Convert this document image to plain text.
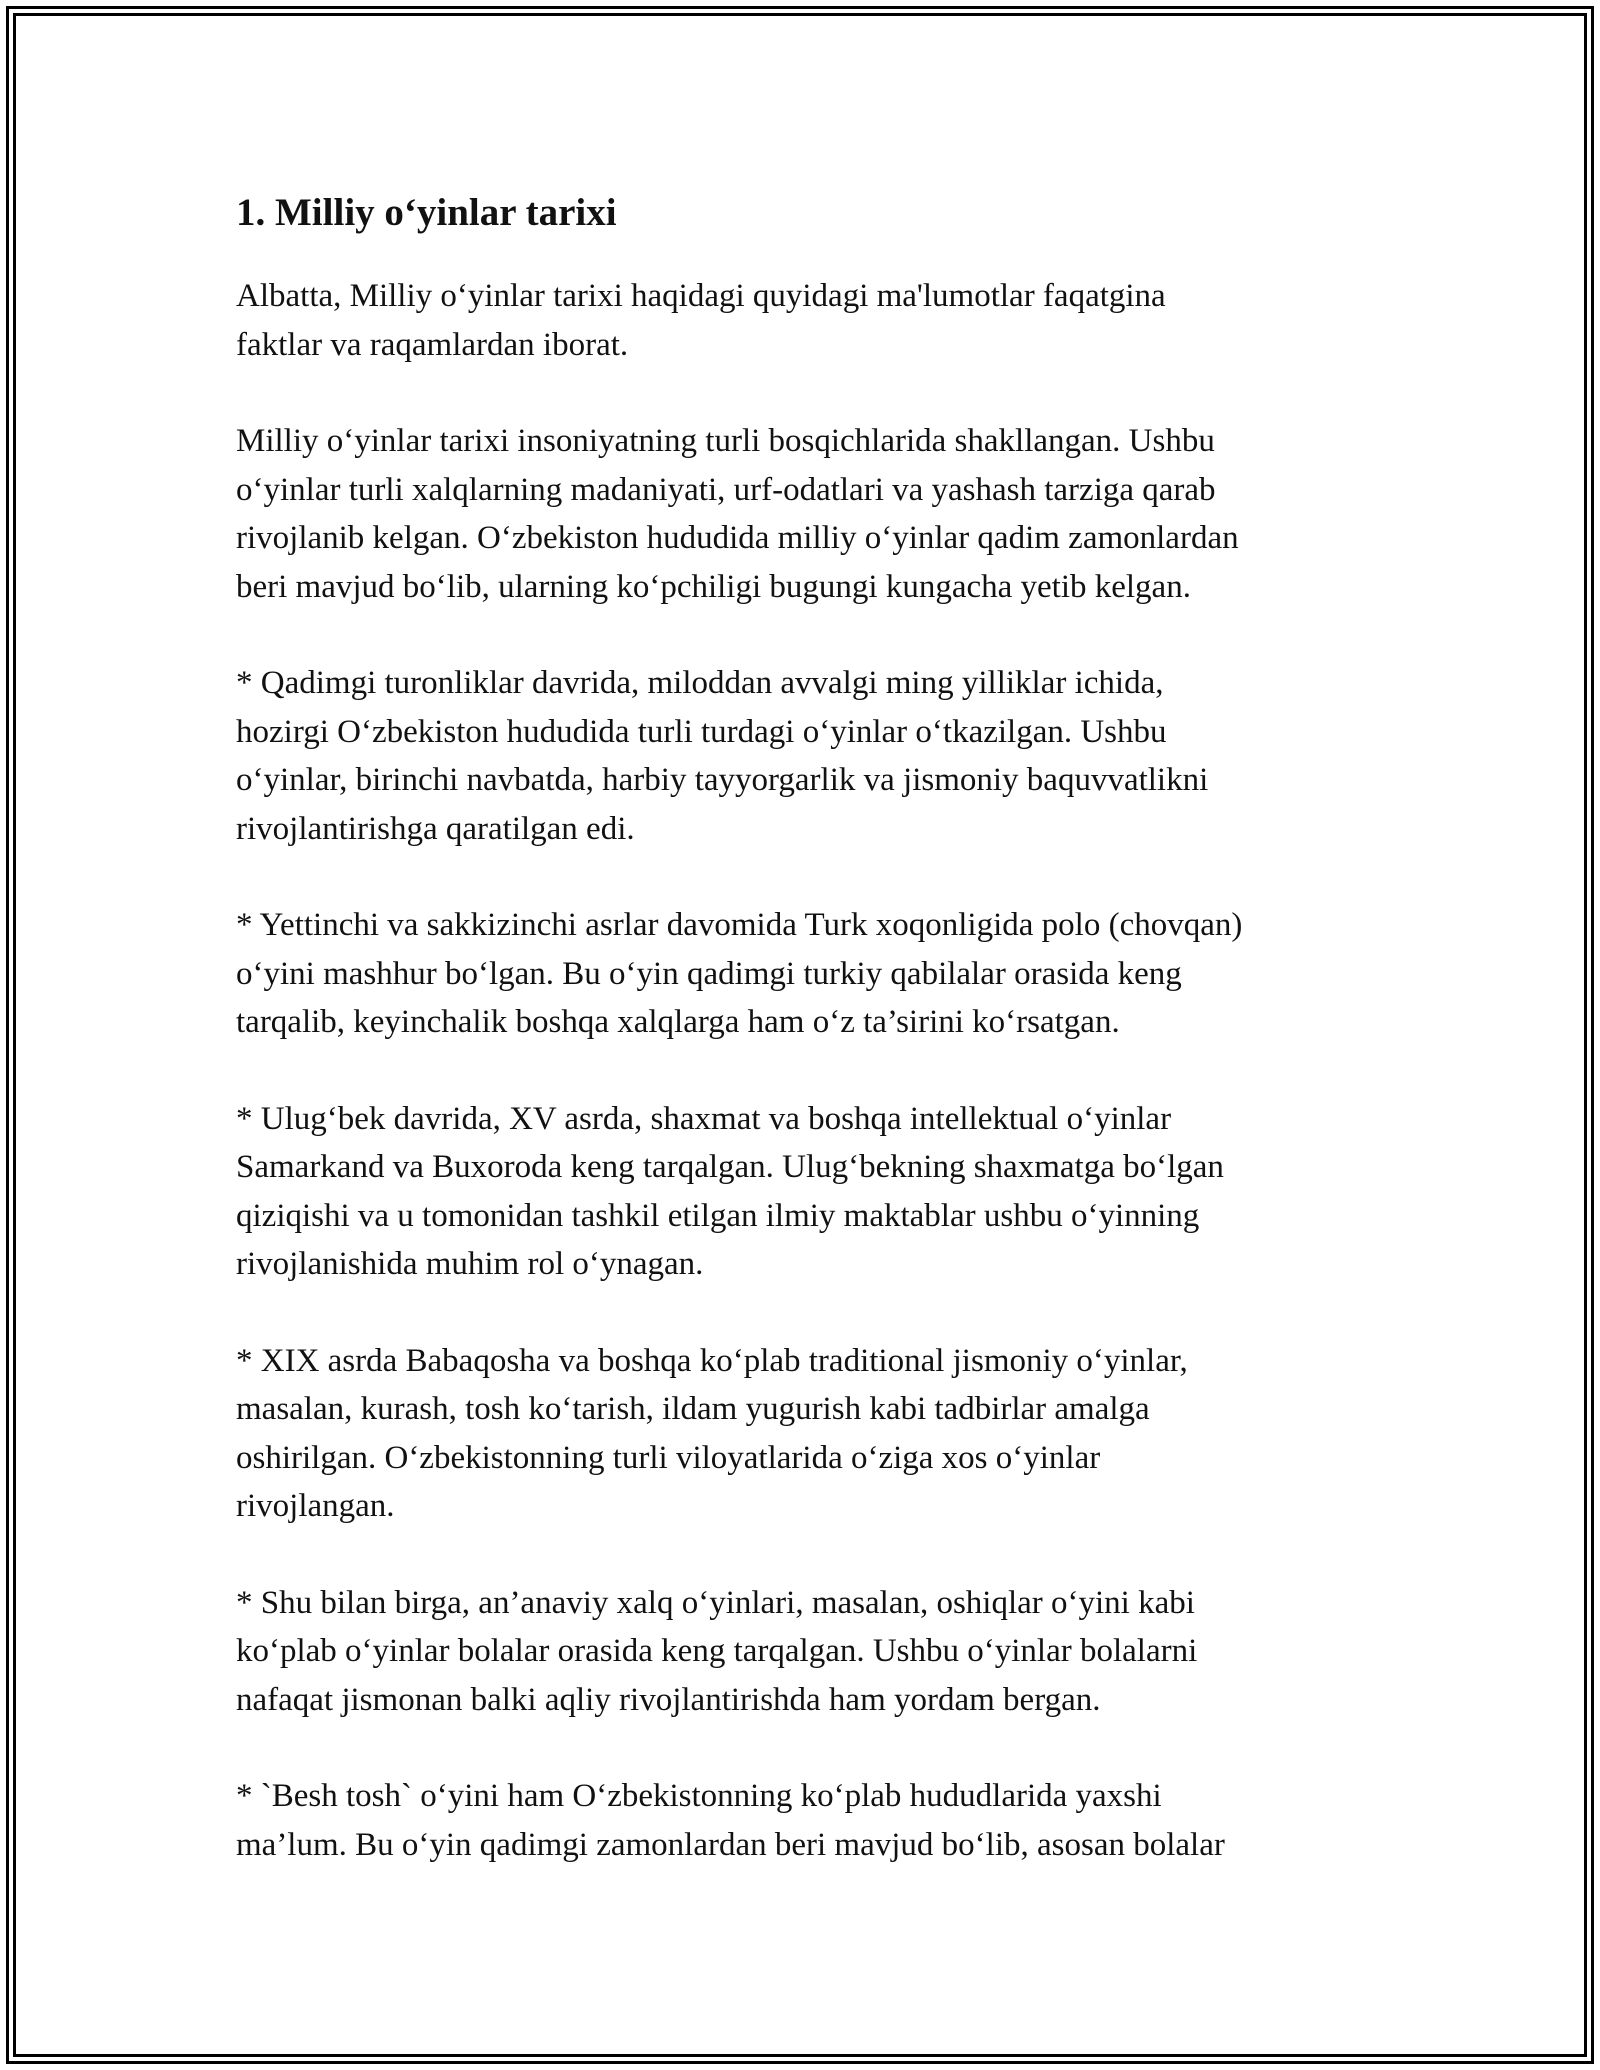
1. Milliy o‘yinlar tarixi

Albatta, Milliy o‘yinlar tarixi haqidagi quyidagi ma'lumotlar faqatgina
faktlar va raqamlardan iborat.

Milliy o‘yinlar tarixi insoniyatning turli bosqichlarida shakllangan. Ushbu
o‘yinlar turli xalqlarning madaniyati, urf-odatlari va yashash tarziga qarab
rivojlanib kelgan. O‘zbekiston hududida milliy o‘yinlar qadim zamonlardan
beri mavjud bo‘lib, ularning ko‘pchiligi bugungi kungacha yetib kelgan.

* Qadimgi turonliklar davrida, miloddan avvalgi ming yilliklar ichida,
hozirgi O‘zbekiston hududida turli turdagi o‘yinlar o‘tkazilgan. Ushbu
o‘yinlar, birinchi navbatda, harbiy tayyorgarlik va jismoniy baquvvatlikni
rivojlantirishga qaratilgan edi.

* Yettinchi va sakkizinchi asrlar davomida Turk xoqonligida polo (chovqan)
o‘yini mashhur bo‘lgan. Bu o‘yin qadimgi turkiy qabilalar orasida keng
tarqalib, keyinchalik boshqa xalqlarga ham o‘z ta’sirini ko‘rsatgan.

* Ulug‘bek davrida, XV asrda, shaxmat va boshqa intellektual o‘yinlar
Samarkand va Buxoroda keng tarqalgan. Ulug‘bekning shaxmatga bo‘lgan
qiziqishi va u tomonidan tashkil etilgan ilmiy maktablar ushbu o‘yinning
rivojlanishida muhim rol o‘ynagan.

* XIX asrda Babaqosha va boshqa ko‘plab traditional jismoniy o‘yinlar,
masalan, kurash, tosh ko‘tarish, ildam yugurish kabi tadbirlar amalga
oshirilgan. O‘zbekistonning turli viloyatlarida o‘ziga xos o‘yinlar
rivojlangan.

* Shu bilan birga, an’anaviy xalq o‘yinlari, masalan, oshiqlar o‘yini kabi
ko‘plab o‘yinlar bolalar orasida keng tarqalgan. Ushbu o‘yinlar bolalarni
nafaqat jismonan balki aqliy rivojlantirishda ham yordam bergan.

* `Besh tosh` o‘yini ham O‘zbekistonning ko‘plab hududlarida yaxshi
ma’lum. Bu o‘yin qadimgi zamonlardan beri mavjud bo‘lib, asosan bolalar
